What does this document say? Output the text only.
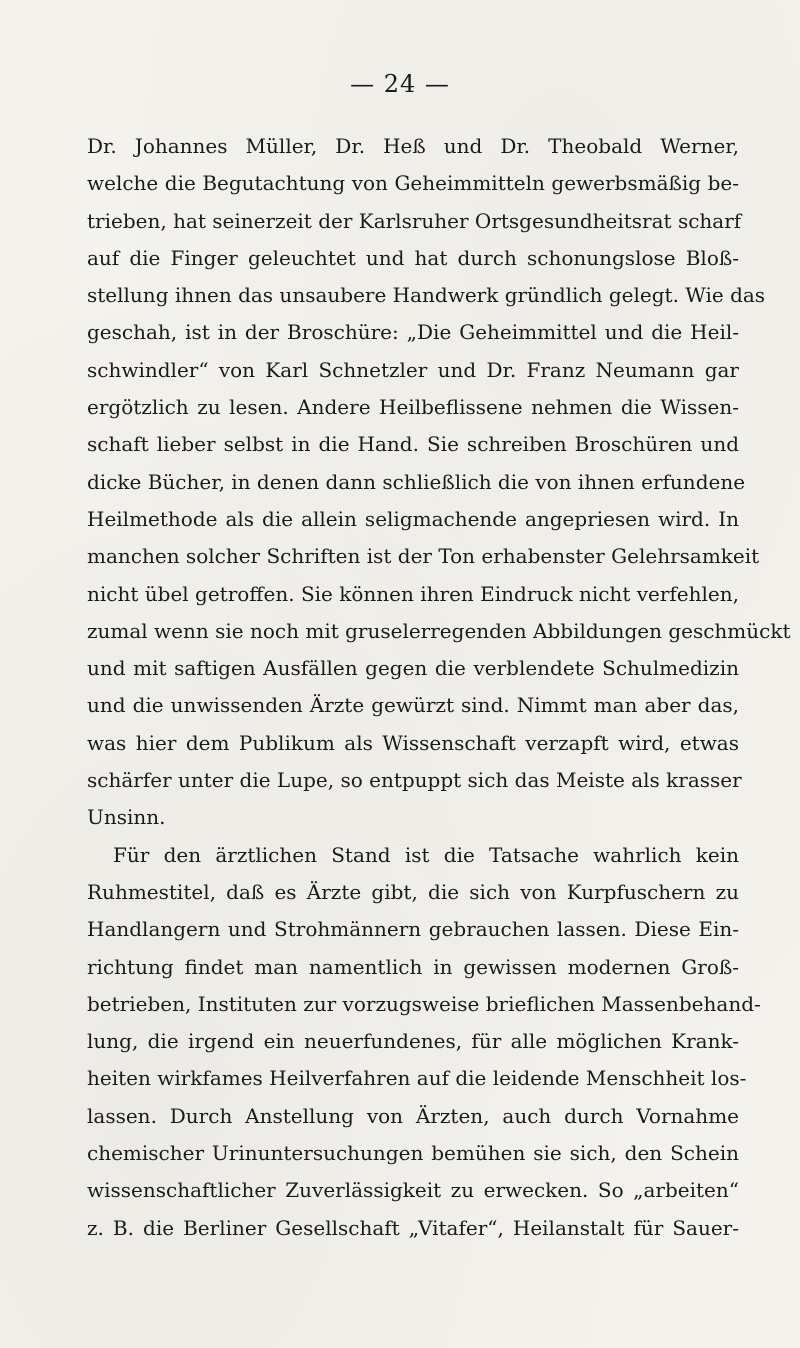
— 24 —
Dr. Johannes Müller, Dr. Heß und Dr. Theobald Werner,
welche die Begutachtung von Geheimmitteln gewerbsmäßig be-
trieben, hat seinerzeit der Karlsruher Ortsgesundheitsrat scharf
auf die Finger geleuchtet und hat durch schonungslose Bloß-
stellung ihnen das unsaubere Handwerk gründlich gelegt. Wie das
geschah, ist in der Broschüre: „Die Geheimmittel und die Heil-
schwindler“ von Karl Schnetzler und Dr. Franz Neumann gar
ergötzlich zu lesen. Andere Heilbeflissene nehmen die Wissen-
schaft lieber selbst in die Hand. Sie schreiben Broschüren und
dicke Bücher, in denen dann schließlich die von ihnen erfundene
Heilmethode als die allein seligmachende angepriesen wird. In
manchen solcher Schriften ist der Ton erhabenster Gelehrsamkeit
nicht übel getroffen. Sie können ihren Eindruck nicht verfehlen,
zumal wenn sie noch mit gruselerregenden Abbildungen geschmückt
und mit saftigen Ausfällen gegen die verblendete Schulmedizin
und die unwissenden Ärzte gewürzt sind. Nimmt man aber das,
was hier dem Publikum als Wissenschaft verzapft wird, etwas
schärfer unter die Lupe, so entpuppt sich das Meiste als krasser
Unsinn.
Für den ärztlichen Stand ist die Tatsache wahrlich kein
Ruhmestitel, daß es Ärzte gibt, die sich von Kurpfuschern zu
Handlangern und Strohmännern gebrauchen lassen. Diese Ein-
richtung findet man namentlich in gewissen modernen Groß-
betrieben, Instituten zur vorzugsweise brieflichen Massenbehand-
lung, die irgend ein neuerfundenes, für alle möglichen Krank-
heiten wirkfames Heilverfahren auf die leidende Menschheit los-
lassen. Durch Anstellung von Ärzten, auch durch Vornahme
chemischer Urinuntersuchungen bemühen sie sich, den Schein
wissenschaftlicher Zuverlässigkeit zu erwecken. So „arbeiten“
z. B. die Berliner Gesellschaft „Vitafer“, Heilanstalt für Sauer-
